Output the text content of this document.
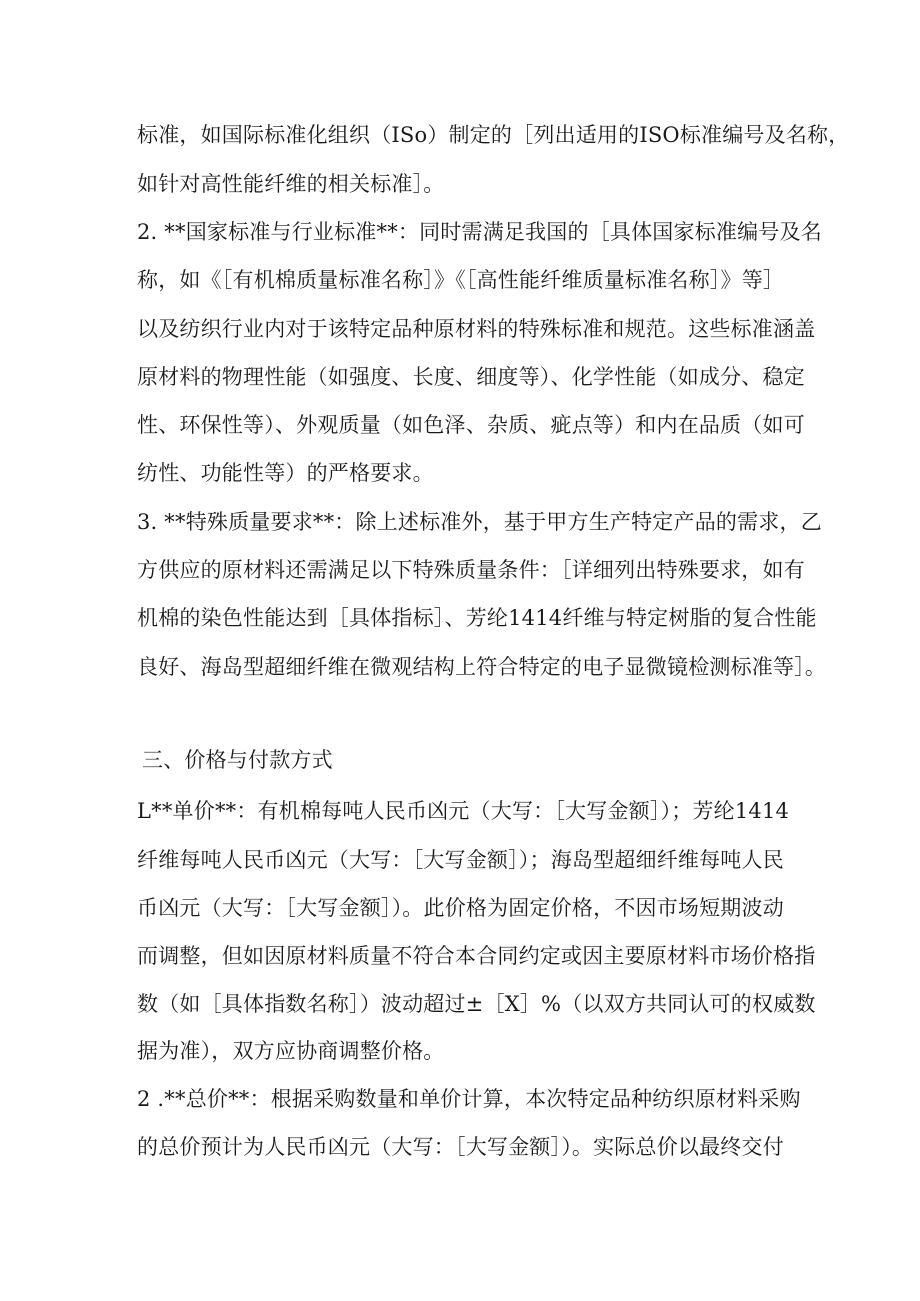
标准，如国际标准化组织（ISo）制定的［列出适用的ISO标准编号及名称，
如针对高性能纤维的相关标准］。
2. **国家标准与行业标准**：同时需满足我国的［具体国家标准编号及名
称，如《［有机棉质量标准名称］》《［高性能纤维质量标准名称］》等］
以及纺织行业内对于该特定品种原材料的特殊标准和规范。这些标准涵盖
原材料的物理性能（如强度、长度、细度等）、化学性能（如成分、稳定
性、环保性等）、外观质量（如色泽、杂质、疵点等）和内在品质（如可
纺性、功能性等）的严格要求。
3. **特殊质量要求**：除上述标准外，基于甲方生产特定产品的需求，乙
方供应的原材料还需满足以下特殊质量条件：［详细列出特殊要求，如有
机棉的染色性能达到［具体指标］、芳纶1414纤维与特定树脂的复合性能
良好、海岛型超细纤维在微观结构上符合特定的电子显微镜检测标准等］。
三、价格与付款方式
L**单价**：有机棉每吨人民币凶元（大写：［大写金额］）；芳纶1414
纤维每吨人民币凶元（大写：［大写金额］）；海岛型超细纤维每吨人民
币凶元（大写：［大写金额］）。此价格为固定价格，不因市场短期波动
而调整，但如因原材料质量不符合本合同约定或因主要原材料市场价格指
数（如［具体指数名称］）波动超过±［X］%（以双方共同认可的权威数
据为准），双方应协商调整价格。
2 .**总价**：根据采购数量和单价计算，本次特定品种纺织原材料采购
的总价预计为人民币凶元（大写：［大写金额］）。实际总价以最终交付
